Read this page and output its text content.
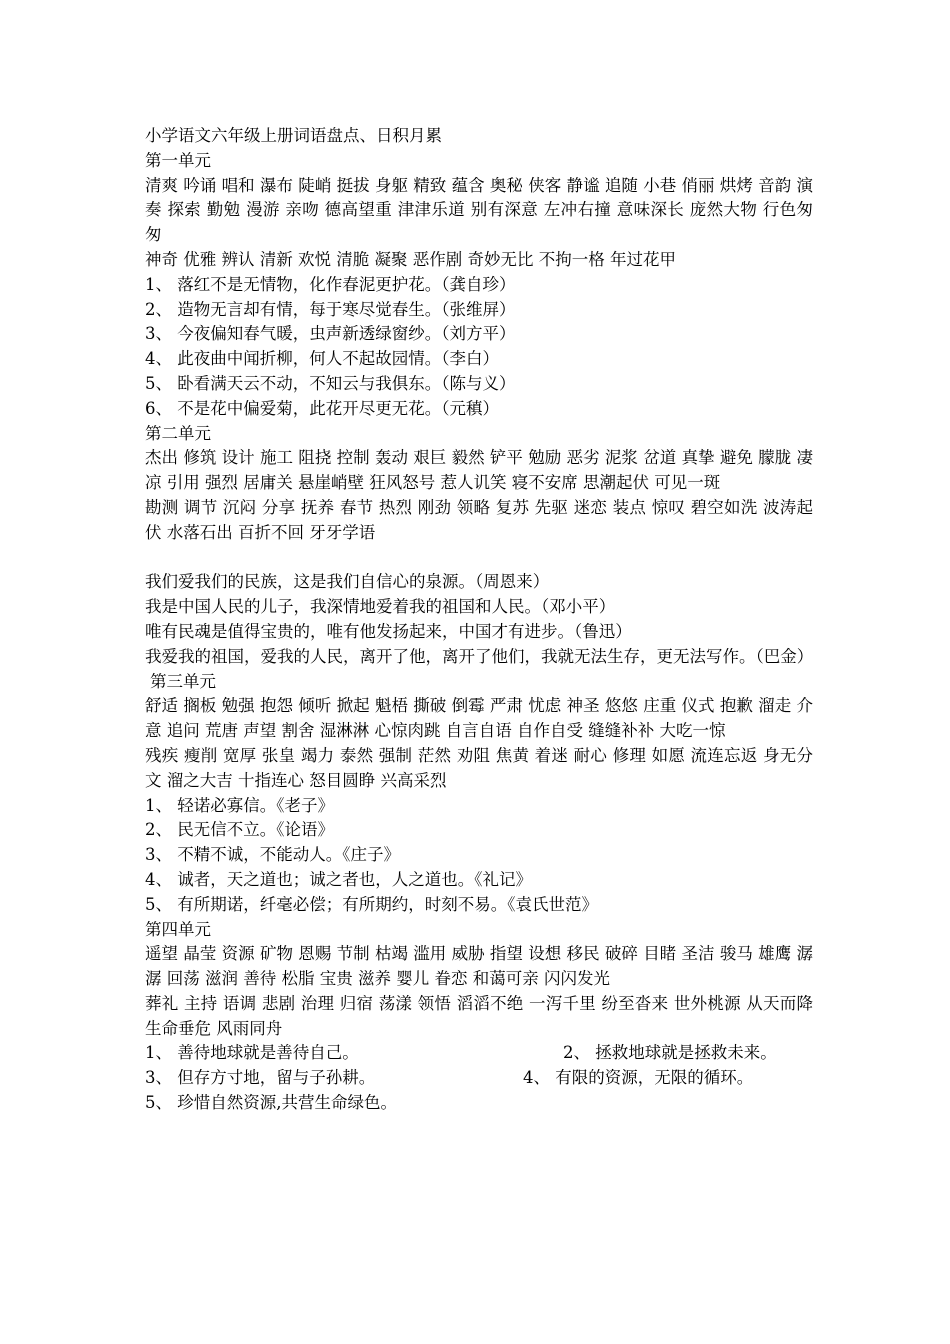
小学语文六年级上册词语盘点、日积月累
第一单元
清爽 吟诵 唱和 瀑布 陡峭 挺拔 身躯 精致 蕴含 奥秘 侠客 静谧 追随 小巷 俏丽 烘烤 音韵 演奏 探索 勤勉 漫游 亲吻 德高望重 津津乐道 别有深意 左冲右撞 意味深长 庞然大物 行色匆匆
神奇 优雅 辨认 清新 欢悦 清脆 凝聚 恶作剧 奇妙无比 不拘一格 年过花甲
1、 落红不是无情物，化作春泥更护花。（龚自珍）
2、 造物无言却有情，每于寒尽觉春生。（张维屏）
3、 今夜偏知春气暖，虫声新透绿窗纱。（刘方平）
4、 此夜曲中闻折柳，何人不起故园情。（李白）
5、 卧看满天云不动，不知云与我俱东。（陈与义）
6、 不是花中偏爱菊，此花开尽更无花。（元稹）
第二单元
杰出 修筑 设计 施工 阻挠 控制 轰动 艰巨 毅然 铲平 勉励 恶劣 泥浆 岔道 真挚 避免 朦胧 凄凉 引用 强烈 居庸关 悬崖峭壁 狂风怒号 惹人讥笑 寝不安席 思潮起伏 可见一斑
勘测 调节 沉闷 分享 抚养 春节 热烈 刚劲 领略 复苏 先驱 迷恋 装点 惊叹 碧空如洗 波涛起伏 水落石出 百折不回 牙牙学语
我们爱我们的民族，这是我们自信心的泉源。（周恩来）
我是中国人民的儿子，我深情地爱着我的祖国和人民。（邓小平）
唯有民魂是值得宝贵的，唯有他发扬起来，中国才有进步。（鲁迅）
我爱我的祖国，爱我的人民，离开了他，离开了他们，我就无法生存，更无法写作。（巴金）
第三单元
舒适 搁板 勉强 抱怨 倾听 掀起 魁梧 撕破 倒霉 严肃 忧虑 神圣 悠悠 庄重 仪式 抱歉 溜走 介意 追问 荒唐 声望 割舍 湿淋淋 心惊肉跳 自言自语 自作自受 缝缝补补 大吃一惊
残疾 瘦削 宽厚 张皇 竭力 泰然 强制 茫然 劝阻 焦黄 着迷 耐心 修理 如愿 流连忘返 身无分文 溜之大吉 十指连心 怒目圆睁 兴高采烈
1、 轻诺必寡信。《老子》
2、 民无信不立。《论语》
3、 不精不诚，不能动人。《庄子》
4、 诚者，天之道也；诚之者也，人之道也。《礼记》
5、 有所期诺，纤毫必偿；有所期约，时刻不易。《袁氏世范》
第四单元
遥望 晶莹 资源 矿物 恩赐 节制 枯竭 滥用 威胁 指望 设想 移民 破碎 目睹 圣洁 骏马 雄鹰 潺潺 回荡 滋润 善待 松脂 宝贵 滋养 婴儿 眷恋 和蔼可亲 闪闪发光
葬礼 主持 语调 悲剧 治理 归宿 荡漾 领悟 滔滔不绝 一泻千里 纷至沓来 世外桃源 从天而降 生命垂危 风雨同舟
1、 善待地球就是善待自己。	2、 拯救地球就是拯救未来。
3、 但存方寸地，留与子孙耕。	4、 有限的资源，无限的循环。
5、 珍惜自然资源,共营生命绿色。
